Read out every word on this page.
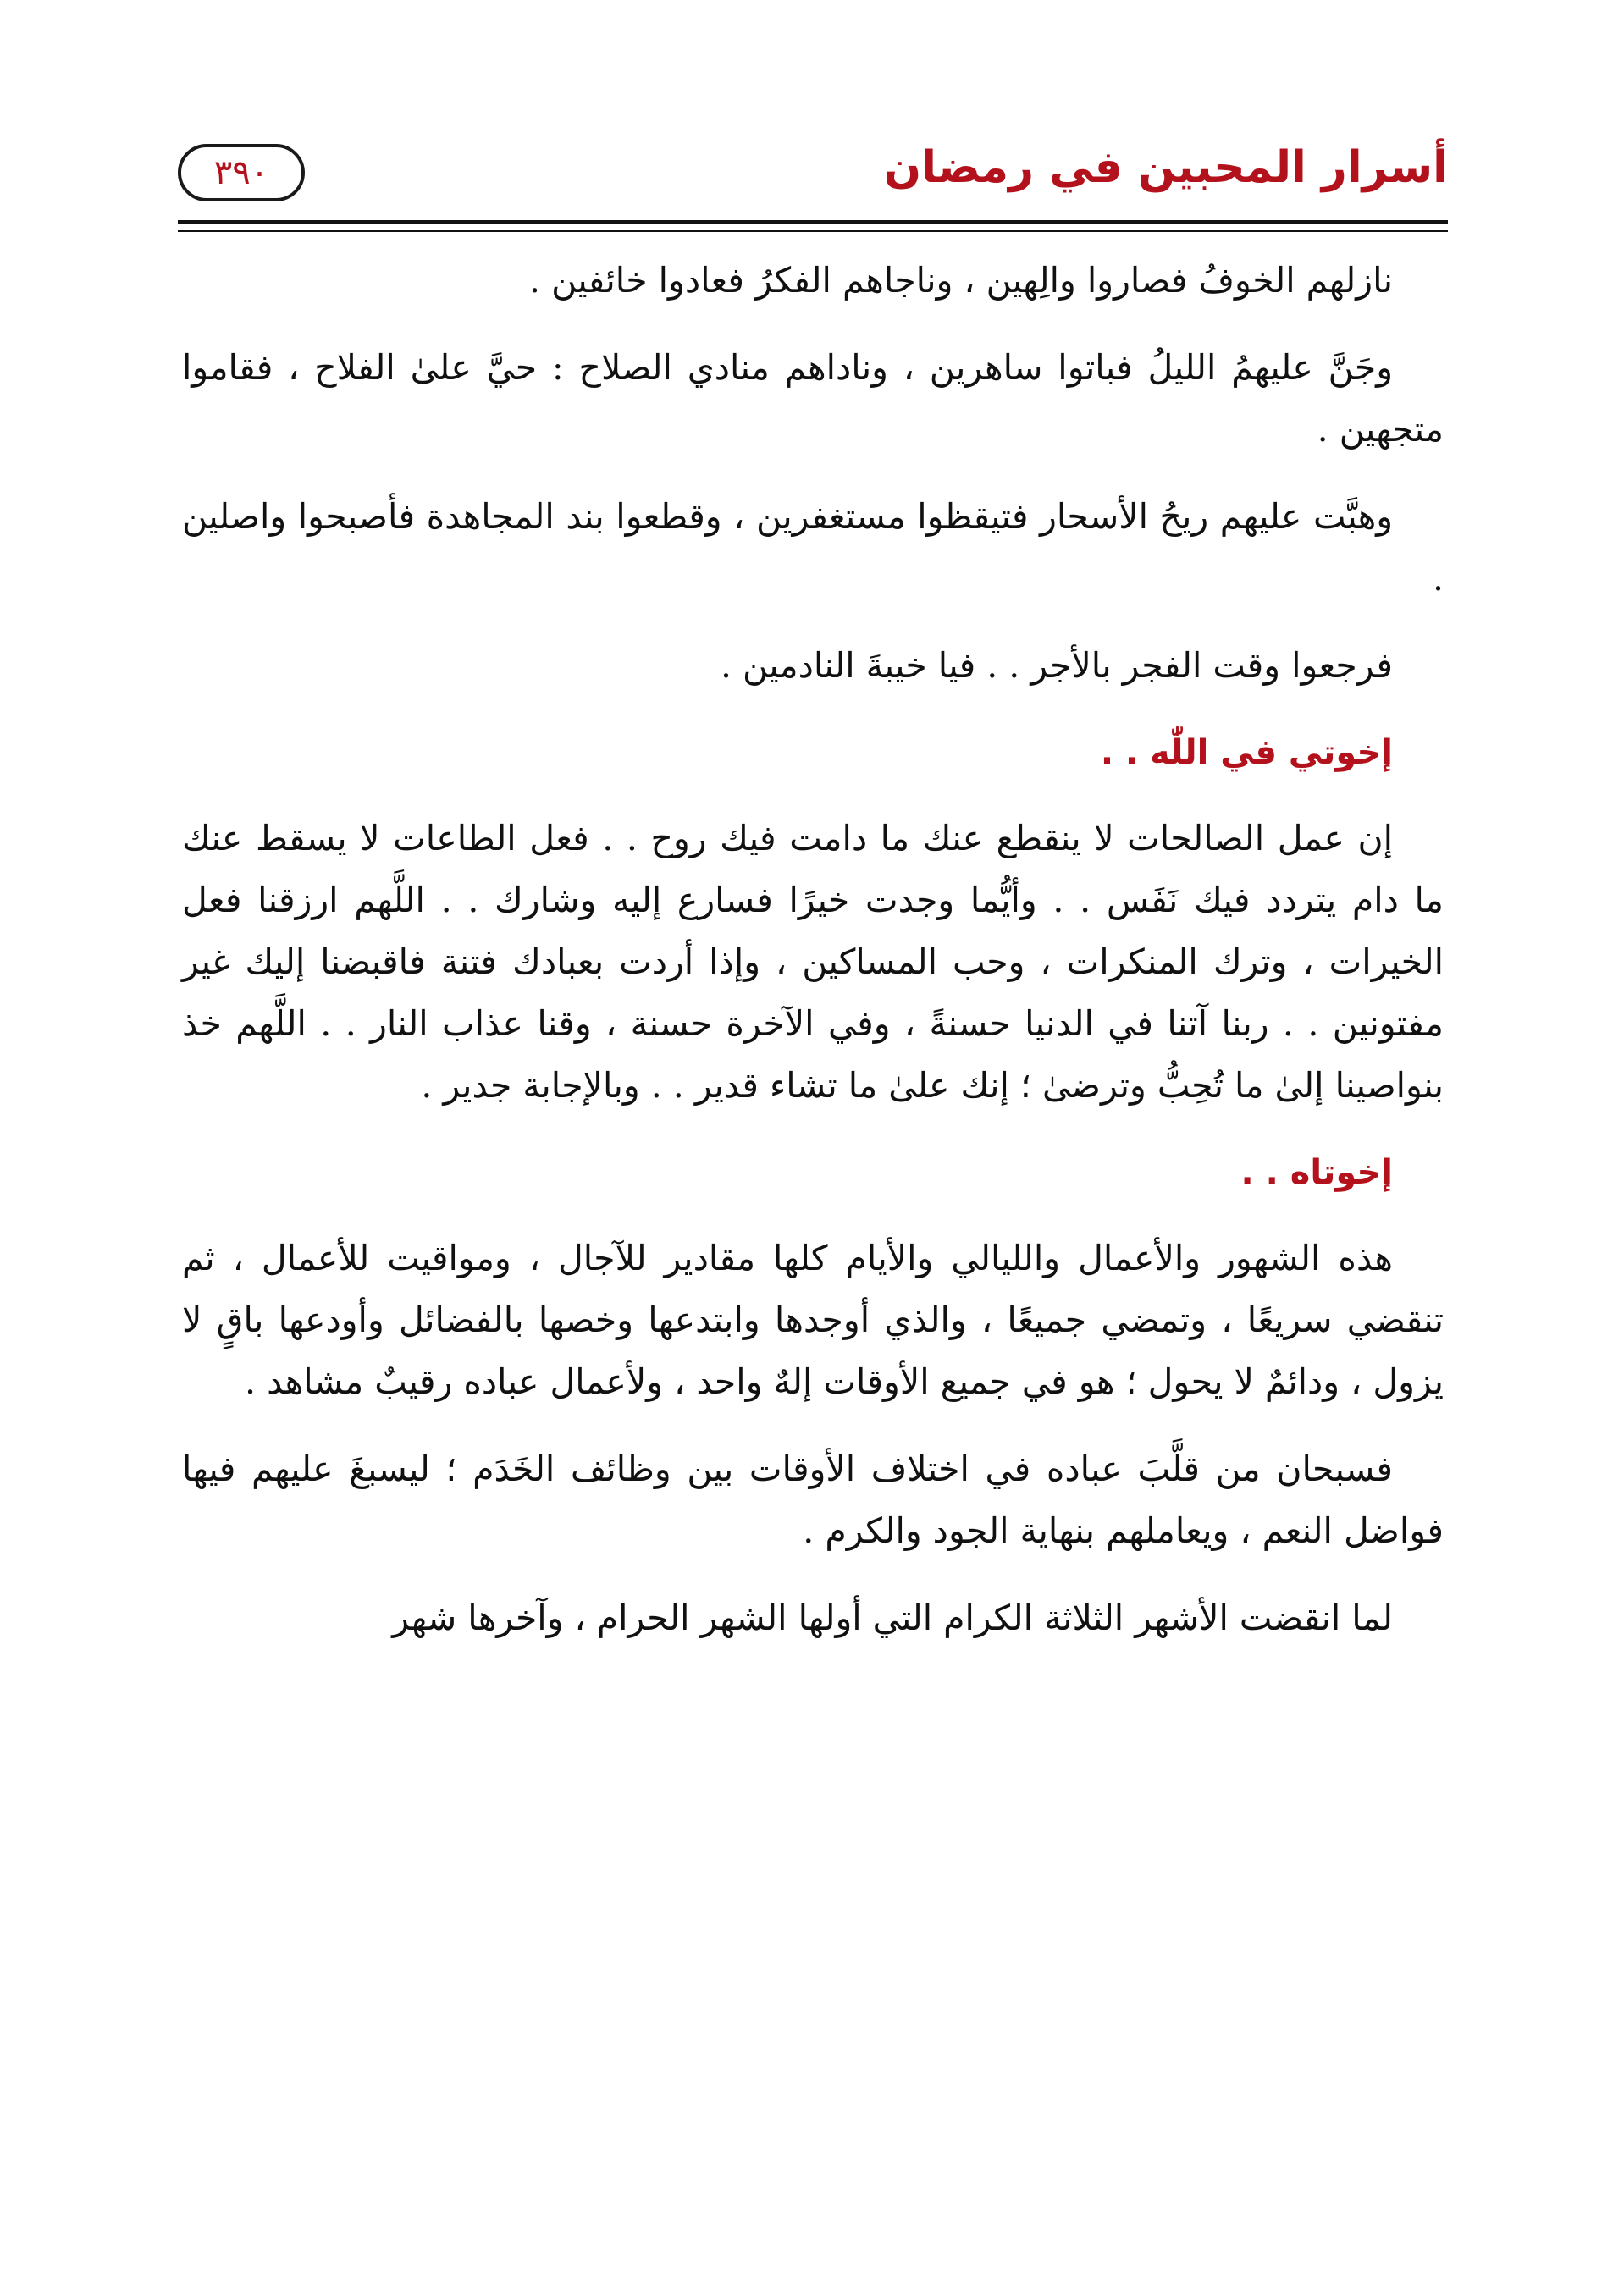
أسرار المحبين في رمضان
٣٩٠

نازلهم الخوفُ فصاروا والِهين ، وناجاهم الفكرُ فعادوا خائفين .

وجَنَّ عليهمُ الليلُ فباتوا ساهرين ، وناداهم منادي الصلاح : حيَّ علىٰ الفلاح ، فقاموا متجهين .

وهبَّت عليهم ريحُ الأسحار فتيقظوا مستغفرين ، وقطعوا بند المجاهدة فأصبحوا واصلين .

فرجعوا وقت الفجر بالأجر . . فيا خيبةَ النادمين .

إخوتي في اللّٰه . .

إن عمل الصالحات لا ينقطع عنك ما دامت فيك روح . . فعل الطاعات لا يسقط عنك ما دام يتردد فيك نَفَس . . وأيُّما وجدت خيرًا فسارع إليه وشارك . . اللَّهم ارزقنا فعل الخيرات ، وترك المنكرات ، وحب المساكين ، وإذا أردت بعبادك فتنة فاقبضنا إليك غير مفتونين . . ربنا آتنا في الدنيا حسنةً ، وفي الآخرة حسنة ، وقنا عذاب النار . . اللَّهم خذ بنواصينا إلىٰ ما تُحِبُّ وترضىٰ ؛ إنك علىٰ ما تشاء قدير . . وبالإجابة جدير .

إخوتاه . .

هذه الشهور والأعمال والليالي والأيام كلها مقادير للآجال ، ومواقيت للأعمال ، ثم تنقضي سريعًا ، وتمضي جميعًا ، والذي أوجدها وابتدعها وخصها بالفضائل وأودعها باقٍ لا يزول ، ودائمٌ لا يحول ؛ هو في جميع الأوقات إلهٌ واحد ، ولأعمال عباده رقيبٌ مشاهد .

فسبحان من قلَّبَ عباده في اختلاف الأوقات بين وظائف الخَدَم ؛ ليسبغَ عليهم فيها فواضل النعم ، ويعاملهم بنهاية الجود والكرم .

لما انقضت الأشهر الثلاثة الكرام التي أولها الشهر الحرام ، وآخرها شهر
